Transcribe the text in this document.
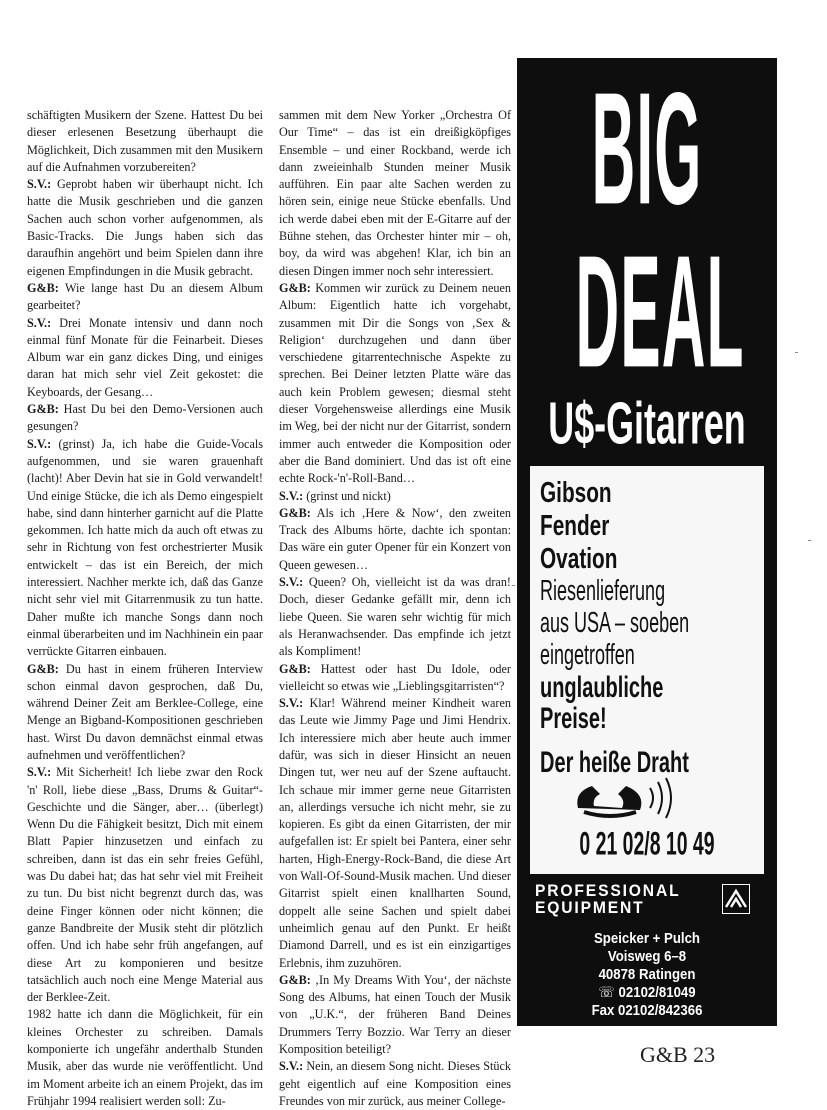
schäftigten Musikern der Szene. Hattest Du bei dieser erlesenen Besetzung überhaupt die Möglichkeit, Dich zusammen mit den Musikern auf die Aufnahmen vorzubereiten?

S.V.: Geprobt haben wir überhaupt nicht. Ich hatte die Musik geschrieben und die ganzen Sachen auch schon vorher aufgenommen, als Basic-Tracks. Die Jungs haben sich das daraufhin angehört und beim Spielen dann ihre eigenen Empfindungen in die Musik gebracht.

G&B: Wie lange hast Du an diesem Album gearbeitet?

S.V.: Drei Monate intensiv und dann noch einmal fünf Monate für die Feinarbeit. Dieses Album war ein ganz dickes Ding, und einiges daran hat mich sehr viel Zeit gekostet: die Keyboards, der Gesang…

G&B: Hast Du bei den Demo-Versionen auch gesungen?

S.V.: (grinst) Ja, ich habe die Guide-Vocals aufgenommen, und sie waren grauenhaft (lacht)! Aber Devin hat sie in Gold verwandelt! Und einige Stücke, die ich als Demo eingespielt habe, sind dann hinterher garnicht auf die Platte gekommen. Ich hatte mich da auch oft etwas zu sehr in Richtung von fest orchestrierter Musik entwickelt – das ist ein Bereich, der mich interessiert. Nachher merkte ich, daß das Ganze nicht sehr viel mit Gitarrenmusik zu tun hatte. Daher mußte ich manche Songs dann noch einmal überarbeiten und im Nachhinein ein paar verrückte Gitarren einbauen.

G&B: Du hast in einem früheren Interview schon einmal davon gesprochen, daß Du, während Deiner Zeit am Berklee-College, eine Menge an Bigband-Kompositionen geschrieben hast. Wirst Du davon demnächst einmal etwas aufnehmen und veröffentlichen?

S.V.: Mit Sicherheit! Ich liebe zwar den Rock 'n' Roll, liebe diese „Bass, Drums & Guitar“-Geschichte und die Sänger, aber… (überlegt) Wenn Du die Fähigkeit besitzt, Dich mit einem Blatt Papier hinzusetzen und einfach zu schreiben, dann ist das ein sehr freies Gefühl, was Du dabei hat; das hat sehr viel mit Freiheit zu tun. Du bist nicht begrenzt durch das, was deine Finger können oder nicht können; die ganze Bandbreite der Musik steht dir plötzlich offen. Und ich habe sehr früh angefangen, auf diese Art zu komponieren und besitze tatsächlich auch noch eine Menge Material aus der Berklee-Zeit.

1982 hatte ich dann die Möglichkeit, für ein kleines Orchester zu schreiben. Damals komponierte ich ungefähr anderthalb Stunden Musik, aber das wurde nie veröffentlicht. Und im Moment arbeite ich an einem Projekt, das im Frühjahr 1994 realisiert werden soll: Zu-

sammen mit dem New Yorker „Orchestra Of Our Time“ – das ist ein dreißigköpfiges Ensemble – und einer Rockband, werde ich dann zweieinhalb Stunden meiner Musik aufführen. Ein paar alte Sachen werden zu hören sein, einige neue Stücke ebenfalls. Und ich werde dabei eben mit der E-Gitarre auf der Bühne stehen, das Orchester hinter mir – oh, boy, da wird was abgehen! Klar, ich bin an diesen Dingen immer noch sehr interessiert.

G&B: Kommen wir zurück zu Deinem neuen Album: Eigentlich hatte ich vorgehabt, zusammen mit Dir die Songs von ‚Sex & Religion‘ durchzugehen und dann über verschiedene gitarrentechnische Aspekte zu sprechen. Bei Deiner letzten Platte wäre das auch kein Problem gewesen; diesmal steht dieser Vorgehensweise allerdings eine Musik im Weg, bei der nicht nur der Gitarrist, sondern immer auch entweder die Komposition oder aber die Band dominiert. Und das ist oft eine echte Rock-'n'-Roll-Band…

S.V.: (grinst und nickt)

G&B: Als ich ‚Here & Now‘, den zweiten Track des Albums hörte, dachte ich spontan: Das wäre ein guter Opener für ein Konzert von Queen gewesen…

S.V.: Queen? Oh, vielleicht ist da was dran! Doch, dieser Gedanke gefällt mir, denn ich liebe Queen. Sie waren sehr wichtig für mich als Heranwachsender. Das empfinde ich jetzt als Kompliment!

G&B: Hattest oder hast Du Idole, oder vielleicht so etwas wie „Lieblingsgitarristen“?

S.V.: Klar! Während meiner Kindheit waren das Leute wie Jimmy Page und Jimi Hendrix. Ich interessiere mich aber heute auch immer dafür, was sich in dieser Hinsicht an neuen Dingen tut, wer neu auf der Szene auftaucht. Ich schaue mir immer gerne neue Gitarristen an, allerdings versuche ich nicht mehr, sie zu kopieren. Es gibt da einen Gitarristen, der mir aufgefallen ist: Er spielt bei Pantera, einer sehr harten, High-Energy-Rock-Band, die diese Art von Wall-Of-Sound-Musik machen. Und dieser Gitarrist spielt einen knallharten Sound, doppelt alle seine Sachen und spielt dabei unheimlich genau auf den Punkt. Er heißt Diamond Darrell, und es ist ein einzigartiges Erlebnis, ihm zuzuhören.

G&B: ‚In My Dreams With You‘, der nächste Song des Albums, hat einen Touch der Musik von „U.K.“, der früheren Band Deines Drummers Terry Bozzio. War Terry an dieser Komposition beteiligt?

S.V.: Nein, an diesem Song nicht. Dieses Stück geht eigentlich auf eine Komposition eines Freundes von mir zurück, aus meiner College-

BIG
DEAL
U$-Gitarren
Gibson
Fender
Ovation
Riesenlieferung
aus USA – soeben
eingetroffen
unglaubliche
Preise!
Der heiße Draht
0 21 02/8 10 49
PROFESSIONAL
EQUIPMENT
Speicker + Pulch
Voisweg 6–8
40878 Ratingen
☏ 02102/81049
Fax 02102/842366
G&B 23
